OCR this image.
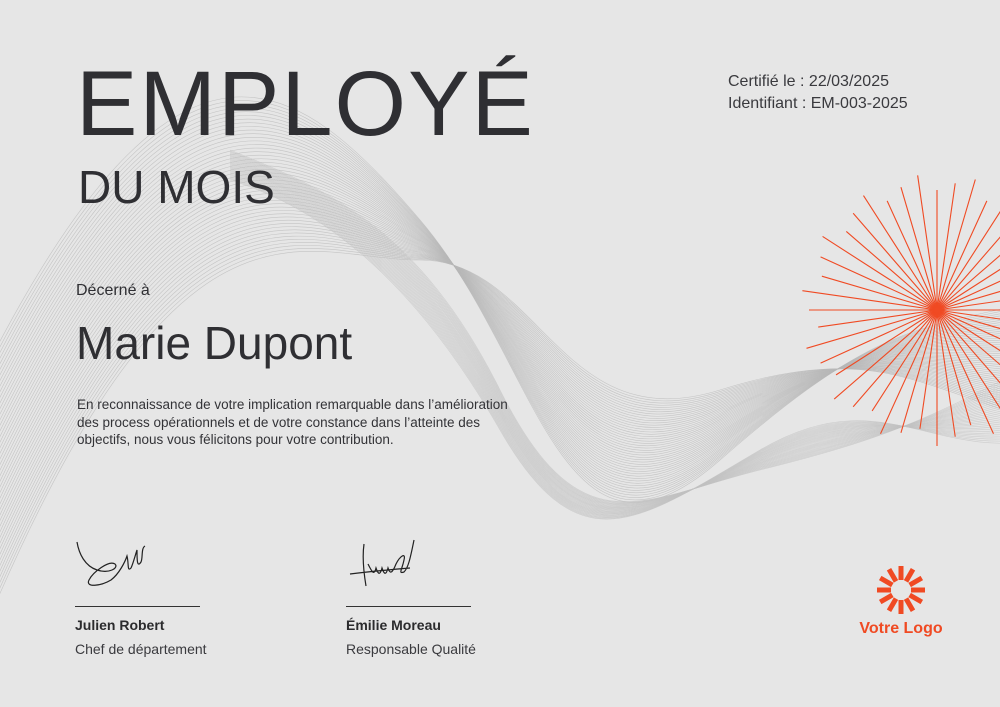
EMPLOYÉ
DU MOIS
Certifié le : 22/03/2025
Identifiant : EM-003-2025
Décerné à
Marie Dupont

En reconnaissance de votre implication remarquable dans l’amélioration des process opérationnels et de votre constance dans l’atteinte des objectifs, nous vous félicitons pour votre contribution.

Julien Robert
Chef de département
Émilie Moreau
Responsable Qualité
Votre Logo
